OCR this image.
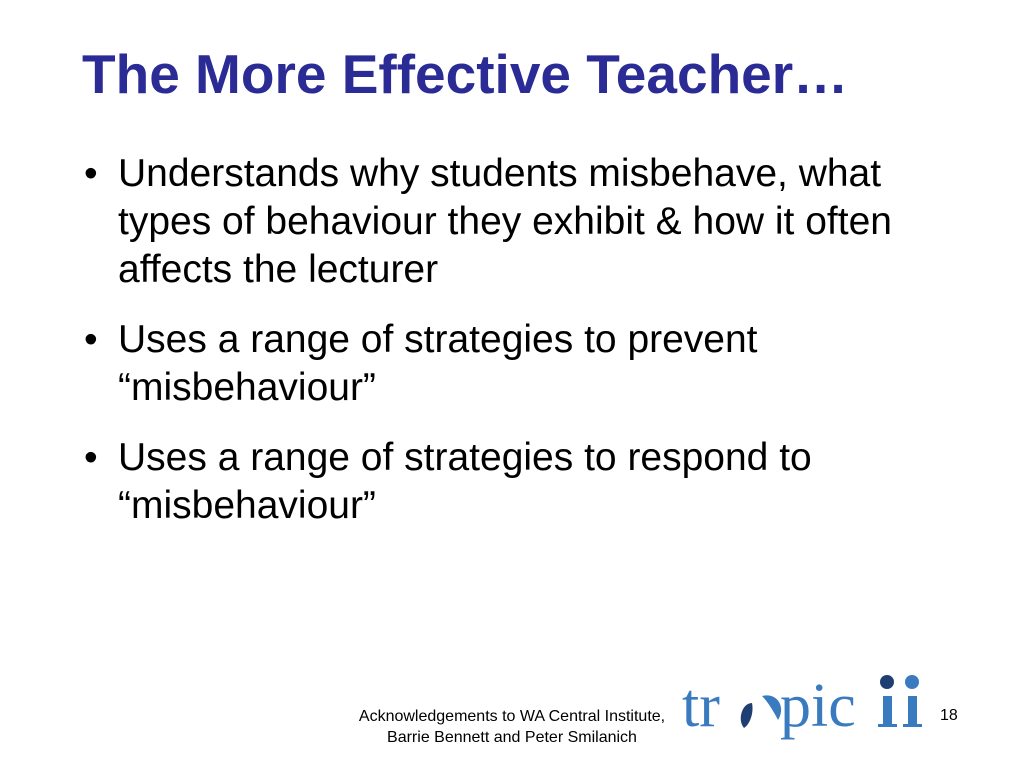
The More Effective Teacher…
• Understands why students misbehave, what types of behaviour they exhibit & how it often affects the lecturer
• Uses a range of strategies to prevent “misbehaviour”
• Uses a range of strategies to respond to “misbehaviour”
Acknowledgements to WA Central Institute, Barrie Bennett and Peter Smilanich tr pic	18
